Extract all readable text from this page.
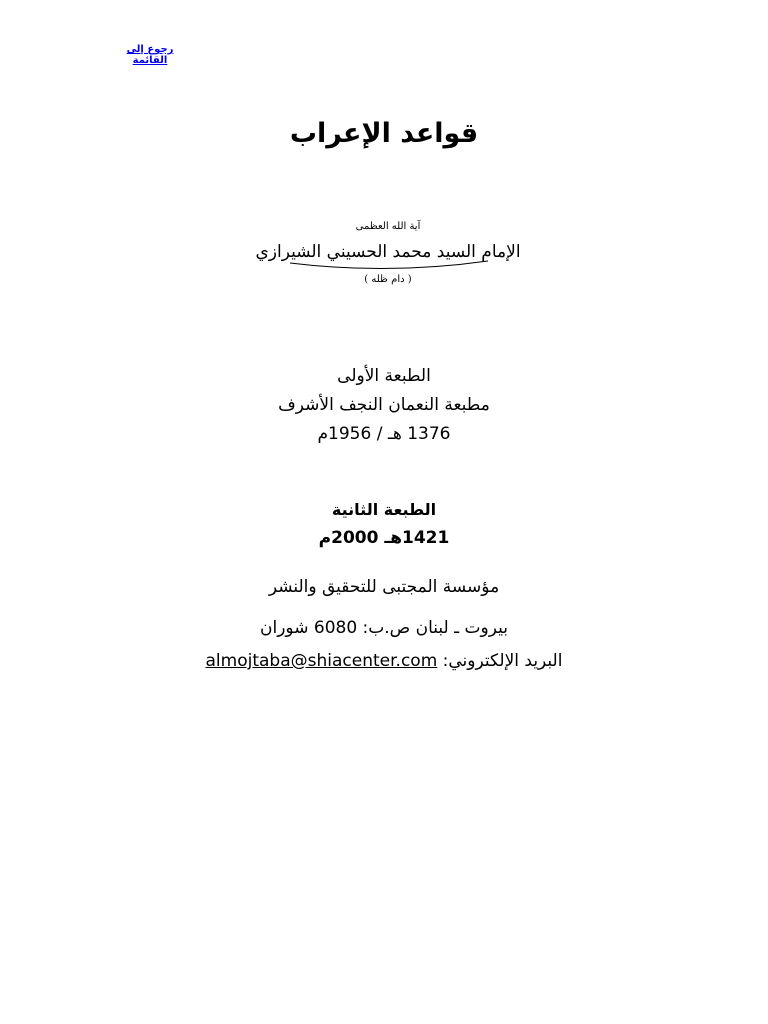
رجوع إلى القائمة
قواعد الإعراب
آية الله العظمى
الإمام السيد محمد الحسيني الشيرازي
( دام ظله )
الطبعة الأولى
مطبعة النعمان النجف الأشرف
1376 هـ / 1956م
الطبعة الثانية
1421هـ 2000م
مؤسسة المجتبى للتحقيق والنشر
بيروت ـ لبنان ص.ب: 6080 شوران
البريد الإلكتروني: almojtaba@shiacenter.com
